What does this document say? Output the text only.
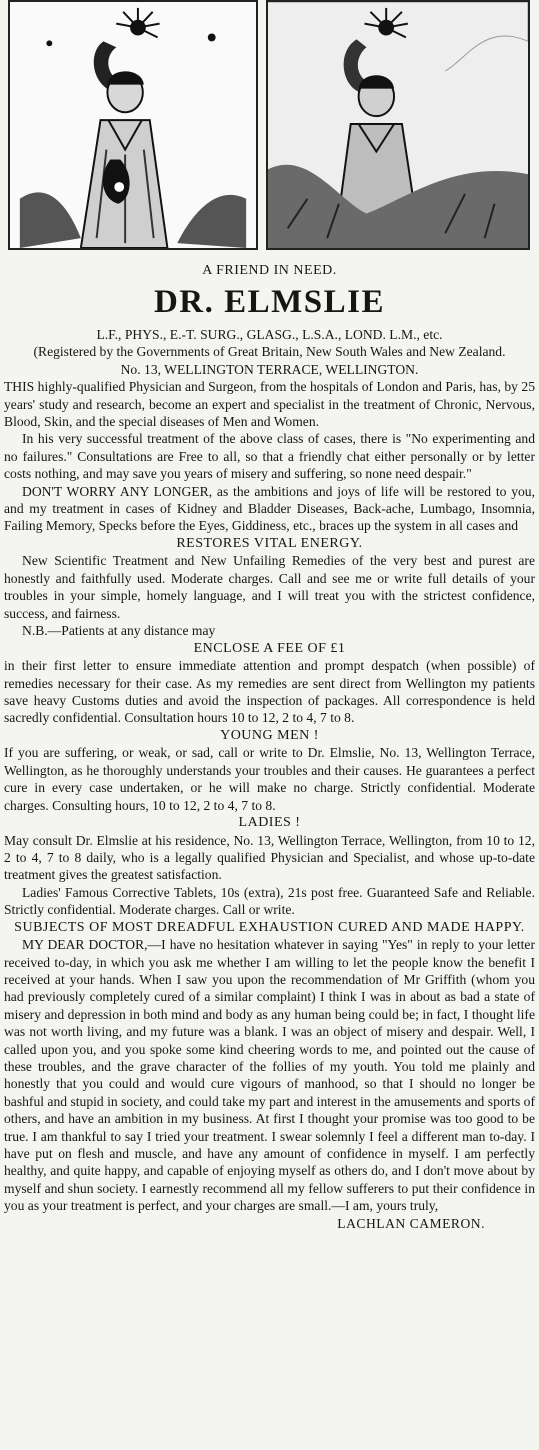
A FRIEND IN NEED.

DR. ELMSLIE

L.F., PHYS., E.-T. SURG., GLASG., L.S.A., LOND. L.M., etc.

(Registered by the Governments of Great Britain, New South Wales and New Zealand.

No. 13, WELLINGTON TERRACE, WELLINGTON.

THIS highly-qualified Physician and Surgeon, from the hospitals of London and Paris, has, by 25 years' study and research, become an expert and specialist in the treatment of Chronic, Nervous, Blood, Skin, and the special diseases of Men and Women.

In his very successful treatment of the above class of cases, there is "No experimenting and no failures." Consultations are Free to all, so that a friendly chat either personally or by letter costs nothing, and may save you years of misery and suffering, so none need despair."

DON'T WORRY ANY LONGER, as the ambitions and joys of life will be restored to you, and my treatment in cases of Kidney and Bladder Diseases, Back-ache, Lumbago, Insomnia, Failing Memory, Specks before the Eyes, Giddiness, etc., braces up the system in all cases and

RESTORES VITAL ENERGY.

New Scientific Treatment and New Unfailing Remedies of the very best and purest are honestly and faithfully used. Moderate charges. Call and see me or write full details of your troubles in your simple, homely language, and I will treat you with the strictest confidence, success, and fairness.

N.B.—Patients at any distance may

ENCLOSE A FEE OF £1

in their first letter to ensure immediate attention and prompt despatch (when possible) of remedies necessary for their case. As my remedies are sent direct from Wellington my patients save heavy Customs duties and avoid the inspection of packages. All correspondence is held sacredly confidential. Consultation hours 10 to 12, 2 to 4, 7 to 8.

YOUNG MEN !

If you are suffering, or weak, or sad, call or write to Dr. Elmslie, No. 13, Wellington Terrace, Wellington, as he thoroughly understands your troubles and their causes. He guarantees a perfect cure in every case undertaken, or he will make no charge. Strictly confidential. Moderate charges. Consulting hours, 10 to 12, 2 to 4, 7 to 8.

LADIES !

May consult Dr. Elmslie at his residence, No. 13, Wellington Terrace, Wellington, from 10 to 12, 2 to 4, 7 to 8 daily, who is a legally qualified Physician and Specialist, and whose up-to-date treatment gives the greatest satisfaction.

Ladies' Famous Corrective Tablets, 10s (extra), 21s post free. Guaranteed Safe and Reliable. Strictly confidential. Moderate charges. Call or write.

SUBJECTS OF MOST DREADFUL EXHAUSTION CURED AND MADE HAPPY.

MY DEAR DOCTOR,—I have no hesitation whatever in saying "Yes" in reply to your letter received to-day, in which you ask me whether I am willing to let the people know the benefit I received at your hands. When I saw you upon the recommendation of Mr Griffith (whom you had previously completely cured of a similar complaint) I think I was in about as bad a state of misery and depression in both mind and body as any human being could be; in fact, I thought life was not worth living, and my future was a blank. I was an object of misery and despair. Well, I called upon you, and you spoke some kind cheering words to me, and pointed out the cause of these troubles, and the grave character of the follies of my youth. You told me plainly and honestly that you could and would cure vigours of manhood, so that I should no longer be bashful and stupid in society, and could take my part and interest in the amusements and sports of others, and have an ambition in my business. At first I thought your promise was too good to be true. I am thankful to say I tried your treatment. I swear solemnly I feel a different man to-day. I have put on flesh and muscle, and have any amount of confidence in myself. I am perfectly healthy, and quite happy, and capable of enjoying myself as others do, and I don't move about by myself and shun society. I earnestly recommend all my fellow sufferers to put their confidence in you as your treatment is perfect, and your charges are small.—I am, yours truly,

LACHLAN CAMERON.
